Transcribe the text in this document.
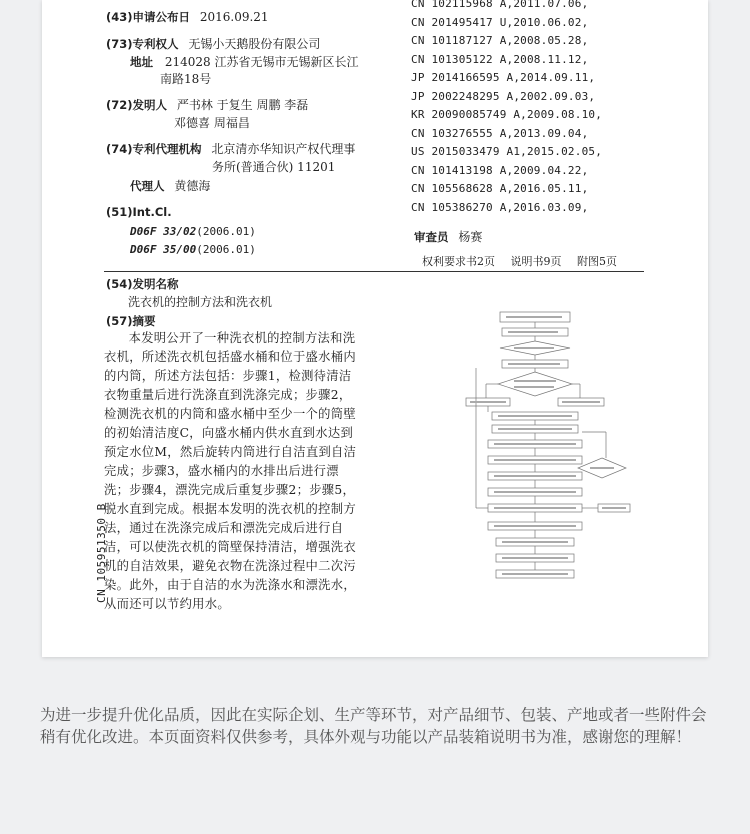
(43)申请公布日 2016.09.21
(73)专利权人 无锡小天鹅股份有限公司
地址 214028 江苏省无锡市无锡新区长江
南路18号
(72)发明人 严书林 于复生 周鹏 李磊
邓德喜 周福昌
(74)专利代理机构 北京清亦华知识产权代理事
务所(普通合伙) 11201
代理人 黄德海
(51)Int.Cl.
D06F 33/02(2006.01)
D06F 35/00(2006.01)
CN 102115968 A,2011.07.06,
CN 201495417 U,2010.06.02,
CN 101187127 A,2008.05.28,
CN 101305122 A,2008.11.12,
JP 2014166595 A,2014.09.11,
JP 2002248295 A,2002.09.03,
KR 20090085749 A,2009.08.10,
CN 103276555 A,2013.09.04,
US 2015033479 A1,2015.02.05,
CN 101413198 A,2009.04.22,
CN 105568628 A,2016.05.11,
CN 105386270 A,2016.03.09,
审查员 杨赛
权利要求书2页 说明书9页 附图5页
(54)发明名称
洗衣机的控制方法和洗衣机
(57)摘要
本发明公开了一种洗衣机的控制方法和洗衣机，所述洗衣机包括盛水桶和位于盛水桶内的内筒，所述方法包括：步骤1，检测待清洁衣物重量后进行洗涤直到洗涤完成；步骤2，检测洗衣机的内筒和盛水桶中至少一个的筒壁的初始清洁度C，向盛水桶内供水直到水达到预定水位M，然后旋转内筒进行自洁直到自洁完成；步骤3，盛水桶内的水排出后进行漂洗；步骤4，漂洗完成后重复步骤2；步骤5，脱水直到完成。根据本发明的洗衣机的控制方法，通过在洗涤完成后和漂洗完成后进行自洁，可以使洗衣机的筒壁保持清洁，增强洗衣机的自洁效果，避免衣物在洗涤过程中二次污染。此外，由于自洁的水为洗涤水和漂洗水，从而还可以节约用水。
CN 105951350 B
为进一步提升优化品质，因此在实际企划、生产等环节，对产品细节、包装、产地或者一些附件会稍有优化改进。本页面资料仅供参考，具体外观与功能以产品装箱说明书为准，感谢您的理解！
